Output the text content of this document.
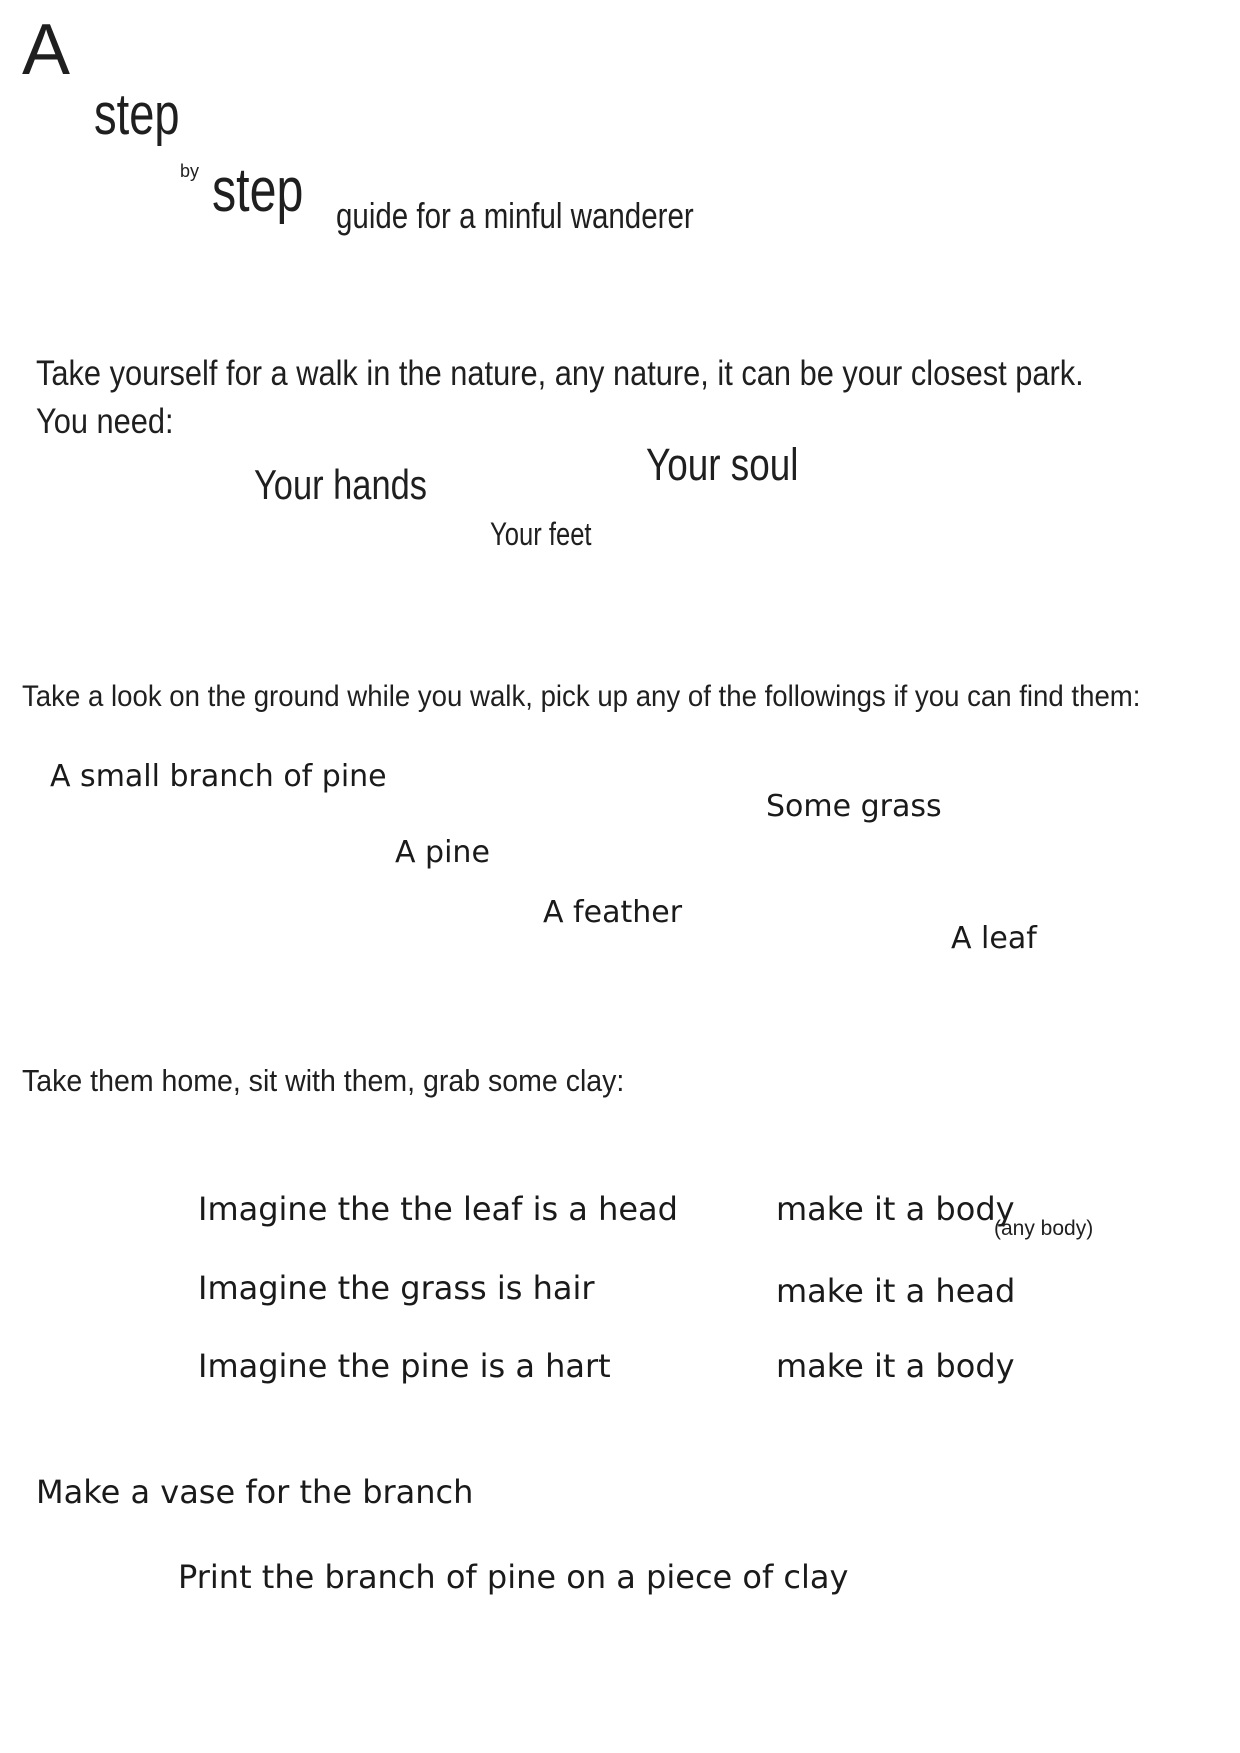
A
step
by step guide for a minful wanderer
Take yourself for a walk in the nature, any nature, it can be your closest park.
You need:
Your hands	Your soul
Your feet
Take a look on the ground while you walk, pick up any of the followings if you can find them:
A small branch of pine
Some grass
A pine
A feather
A leaf
Take them home, sit with them, grab some clay:
Imagine the the leaf is a head	make it a body
(any body)
Imagine the grass is hair	make it a head
Imagine the pine is a hart	make it a body
Make a vase for the branch
Print the branch of pine on a piece of clay
